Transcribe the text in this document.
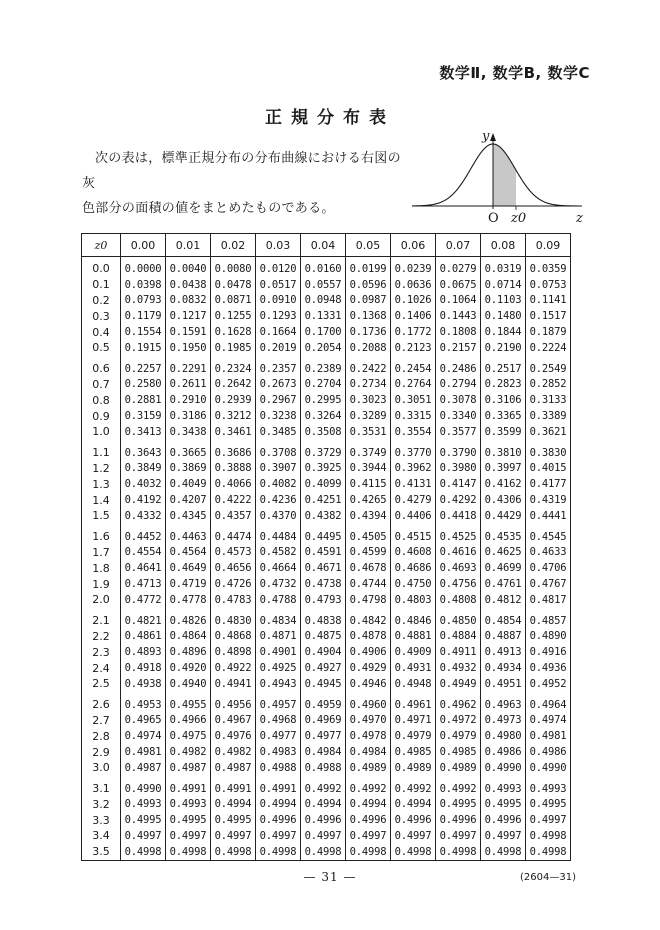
数学Ⅱ, 数学B, 数学C
正規分布表

次の表は，標準正規分布の分布曲線における右図の灰

色部分の面積の値をまとめたものである。

y
O z0	z
z0	0.00	0.01	0.02	0.03	0.04	0.05	0.06	0.07	0.08	0.09
0.0	0.0000	0.0040	0.0080	0.0120	0.0160	0.0199	0.0239	0.0279	0.0319	0.0359
0.1	0.0398	0.0438	0.0478	0.0517	0.0557	0.0596	0.0636	0.0675	0.0714	0.0753
0.2	0.0793	0.0832	0.0871	0.0910	0.0948	0.0987	0.1026	0.1064	0.1103	0.1141
0.3	0.1179	0.1217	0.1255	0.1293	0.1331	0.1368	0.1406	0.1443	0.1480	0.1517
0.4	0.1554	0.1591	0.1628	0.1664	0.1700	0.1736	0.1772	0.1808	0.1844	0.1879
0.5	0.1915	0.1950	0.1985	0.2019	0.2054	0.2088	0.2123	0.2157	0.2190	0.2224
0.6	0.2257	0.2291	0.2324	0.2357	0.2389	0.2422	0.2454	0.2486	0.2517	0.2549
0.7	0.2580	0.2611	0.2642	0.2673	0.2704	0.2734	0.2764	0.2794	0.2823	0.2852
0.8	0.2881	0.2910	0.2939	0.2967	0.2995	0.3023	0.3051	0.3078	0.3106	0.3133
0.9	0.3159	0.3186	0.3212	0.3238	0.3264	0.3289	0.3315	0.3340	0.3365	0.3389
1.0	0.3413	0.3438	0.3461	0.3485	0.3508	0.3531	0.3554	0.3577	0.3599	0.3621
1.1	0.3643	0.3665	0.3686	0.3708	0.3729	0.3749	0.3770	0.3790	0.3810	0.3830
1.2	0.3849	0.3869	0.3888	0.3907	0.3925	0.3944	0.3962	0.3980	0.3997	0.4015
1.3	0.4032	0.4049	0.4066	0.4082	0.4099	0.4115	0.4131	0.4147	0.4162	0.4177
1.4	0.4192	0.4207	0.4222	0.4236	0.4251	0.4265	0.4279	0.4292	0.4306	0.4319
1.5	0.4332	0.4345	0.4357	0.4370	0.4382	0.4394	0.4406	0.4418	0.4429	0.4441
1.6	0.4452	0.4463	0.4474	0.4484	0.4495	0.4505	0.4515	0.4525	0.4535	0.4545
1.7	0.4554	0.4564	0.4573	0.4582	0.4591	0.4599	0.4608	0.4616	0.4625	0.4633
1.8	0.4641	0.4649	0.4656	0.4664	0.4671	0.4678	0.4686	0.4693	0.4699	0.4706
1.9	0.4713	0.4719	0.4726	0.4732	0.4738	0.4744	0.4750	0.4756	0.4761	0.4767
2.0	0.4772	0.4778	0.4783	0.4788	0.4793	0.4798	0.4803	0.4808	0.4812	0.4817
2.1	0.4821	0.4826	0.4830	0.4834	0.4838	0.4842	0.4846	0.4850	0.4854	0.4857
2.2	0.4861	0.4864	0.4868	0.4871	0.4875	0.4878	0.4881	0.4884	0.4887	0.4890
2.3	0.4893	0.4896	0.4898	0.4901	0.4904	0.4906	0.4909	0.4911	0.4913	0.4916
2.4	0.4918	0.4920	0.4922	0.4925	0.4927	0.4929	0.4931	0.4932	0.4934	0.4936
2.5	0.4938	0.4940	0.4941	0.4943	0.4945	0.4946	0.4948	0.4949	0.4951	0.4952
2.6	0.4953	0.4955	0.4956	0.4957	0.4959	0.4960	0.4961	0.4962	0.4963	0.4964
2.7	0.4965	0.4966	0.4967	0.4968	0.4969	0.4970	0.4971	0.4972	0.4973	0.4974
2.8	0.4974	0.4975	0.4976	0.4977	0.4977	0.4978	0.4979	0.4979	0.4980	0.4981
2.9	0.4981	0.4982	0.4982	0.4983	0.4984	0.4984	0.4985	0.4985	0.4986	0.4986
3.0	0.4987	0.4987	0.4987	0.4988	0.4988	0.4989	0.4989	0.4989	0.4990	0.4990
3.1	0.4990	0.4991	0.4991	0.4991	0.4992	0.4992	0.4992	0.4992	0.4993	0.4993
3.2	0.4993	0.4993	0.4994	0.4994	0.4994	0.4994	0.4994	0.4995	0.4995	0.4995
3.3	0.4995	0.4995	0.4995	0.4996	0.4996	0.4996	0.4996	0.4996	0.4996	0.4997
3.4	0.4997	0.4997	0.4997	0.4997	0.4997	0.4997	0.4997	0.4997	0.4997	0.4998
3.5	0.4998	0.4998	0.4998	0.4998	0.4998	0.4998	0.4998	0.4998	0.4998	0.4998
— 31 —	(2604—31)
